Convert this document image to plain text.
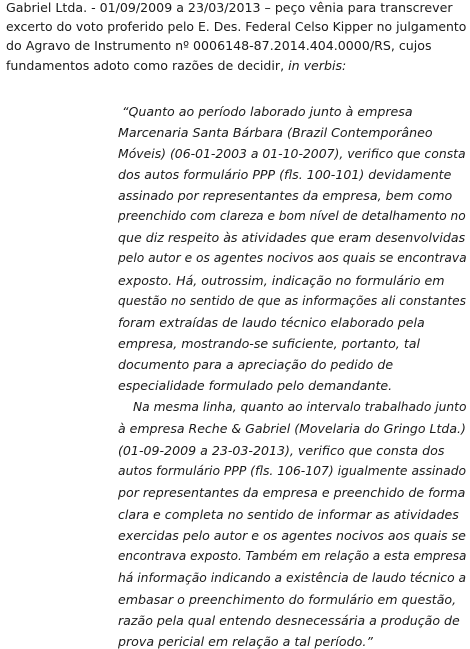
Gabriel Ltda. - 01/09/2009 a 23/03/2013 – peço vênia para transcrever
excerto do voto proferido pelo E. Des. Federal Celso Kipper no julgamento
do Agravo de Instrumento nº 0006148-87.2014.404.0000/RS, cujos
fundamentos adoto como razões de decidir, in verbis:
“Quanto ao período laborado junto à empresa
Marcenaria Santa Bárbara (Brazil Contemporâneo
Móveis) (06-01-2003 a 01-10-2007), verifico que consta
dos autos formulário PPP (fls. 100-101) devidamente
assinado por representantes da empresa, bem como
preenchido com clareza e bom nível de detalhamento no
que diz respeito às atividades que eram desenvolvidas
pelo autor e os agentes nocivos aos quais se encontrava
exposto. Há, outrossim, indicação no formulário em
questão no sentido de que as informações ali constantes
foram extraídas de laudo técnico elaborado pela
empresa, mostrando-se suficiente, portanto, tal
documento para a apreciação do pedido de
especialidade formulado pelo demandante.
Na mesma linha, quanto ao intervalo trabalhado junto
à empresa Reche & Gabriel (Movelaria do Gringo Ltda.)
(01-09-2009 a 23-03-2013), verifico que consta dos
autos formulário PPP (fls. 106-107) igualmente assinado
por representantes da empresa e preenchido de forma
clara e completa no sentido de informar as atividades
exercidas pelo autor e os agentes nocivos aos quais se
encontrava exposto. Também em relação a esta empresa
há informação indicando a existência de laudo técnico a
embasar o preenchimento do formulário em questão,
razão pela qual entendo desnecessária a produção de
prova pericial em relação a tal período.”
